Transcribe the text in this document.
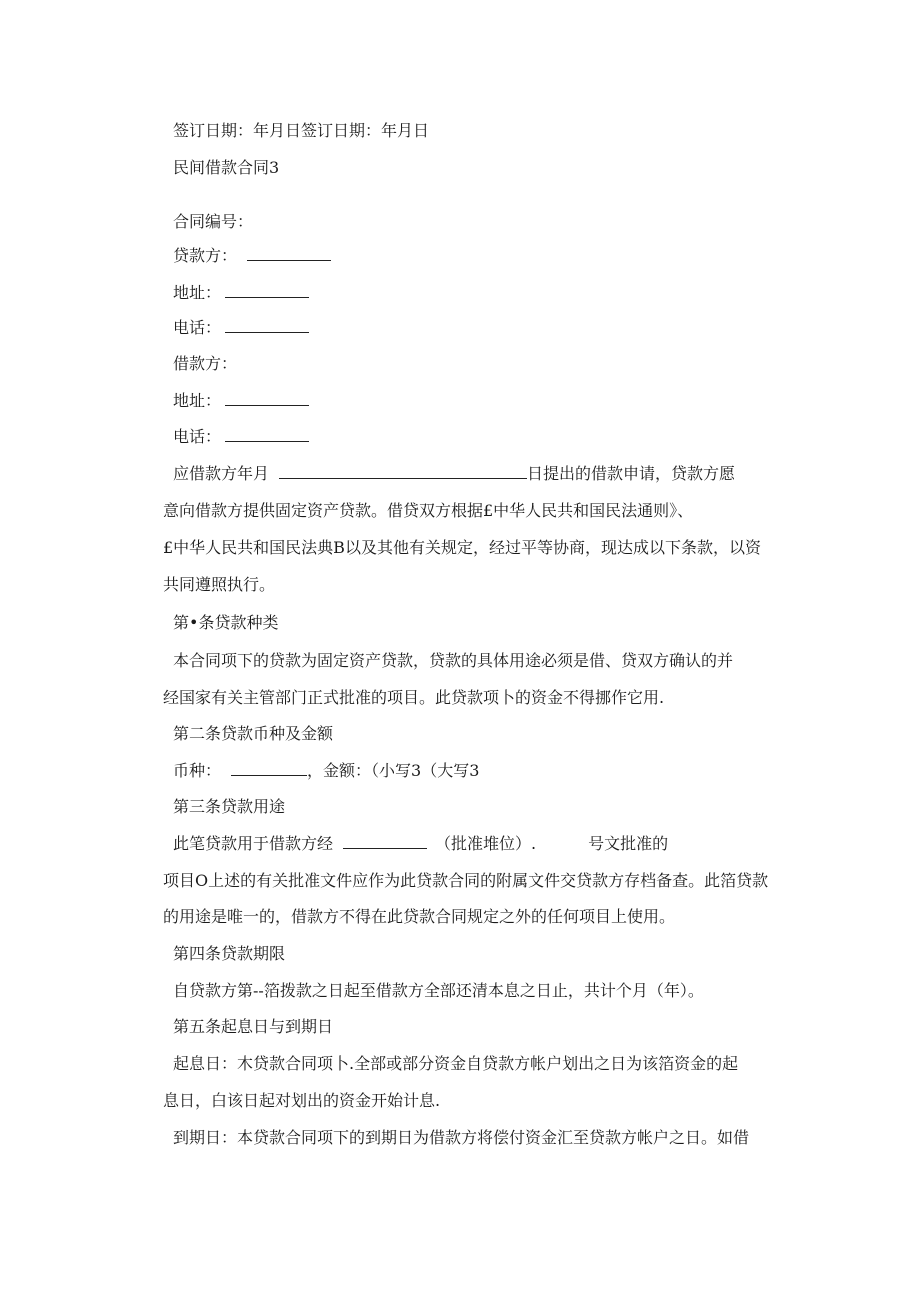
签订日期：年月日签订日期：年月日
民间借款合同3
合同编号：
贷款方：
地址：
电话：
借款方：
地址：
电话：
应借款方年月	日提出的借款申请，贷款方愿
意向借款方提供固定资产贷款。借贷双方根据£中华人民共和国民法通则》、
£中华人民共和国民法典B以及其他有关规定，经过平等协商，现达成以下条款，以资
共同遵照执行。
第•条贷款种类
本合同项下的贷款为固定资产贷款，贷款的具体用途必须是借、贷双方确认的并
经国家有关主管部门正式批准的项目。此贷款项卜的资金不得挪作它用.
第二条贷款币种及金额
币种：	，金额：（小写3（大写3
第三条贷款用途
此笔贷款用于借款方经	（批准堆位）.	号文批准的
项目O上述的有关批准文件应作为此贷款合同的附属文件交贷款方存档备查。此箔贷款
的用途是唯一的，借款方不得在此贷款合同规定之外的任何项目上使用。
第四条贷款期限
自贷款方第--箔拨款之日起至借款方全部还清本息之日止，共计个月（年）。
第五条起息日与到期日
起息日：木贷款合同项卜.全部或部分资金自贷款方帐户划出之日为该箔资金的起
息日，白该日起对划出的资金开始计息.
到期日：本贷款合同项下的到期日为借款方将偿付资金汇至贷款方帐户之日。如借
